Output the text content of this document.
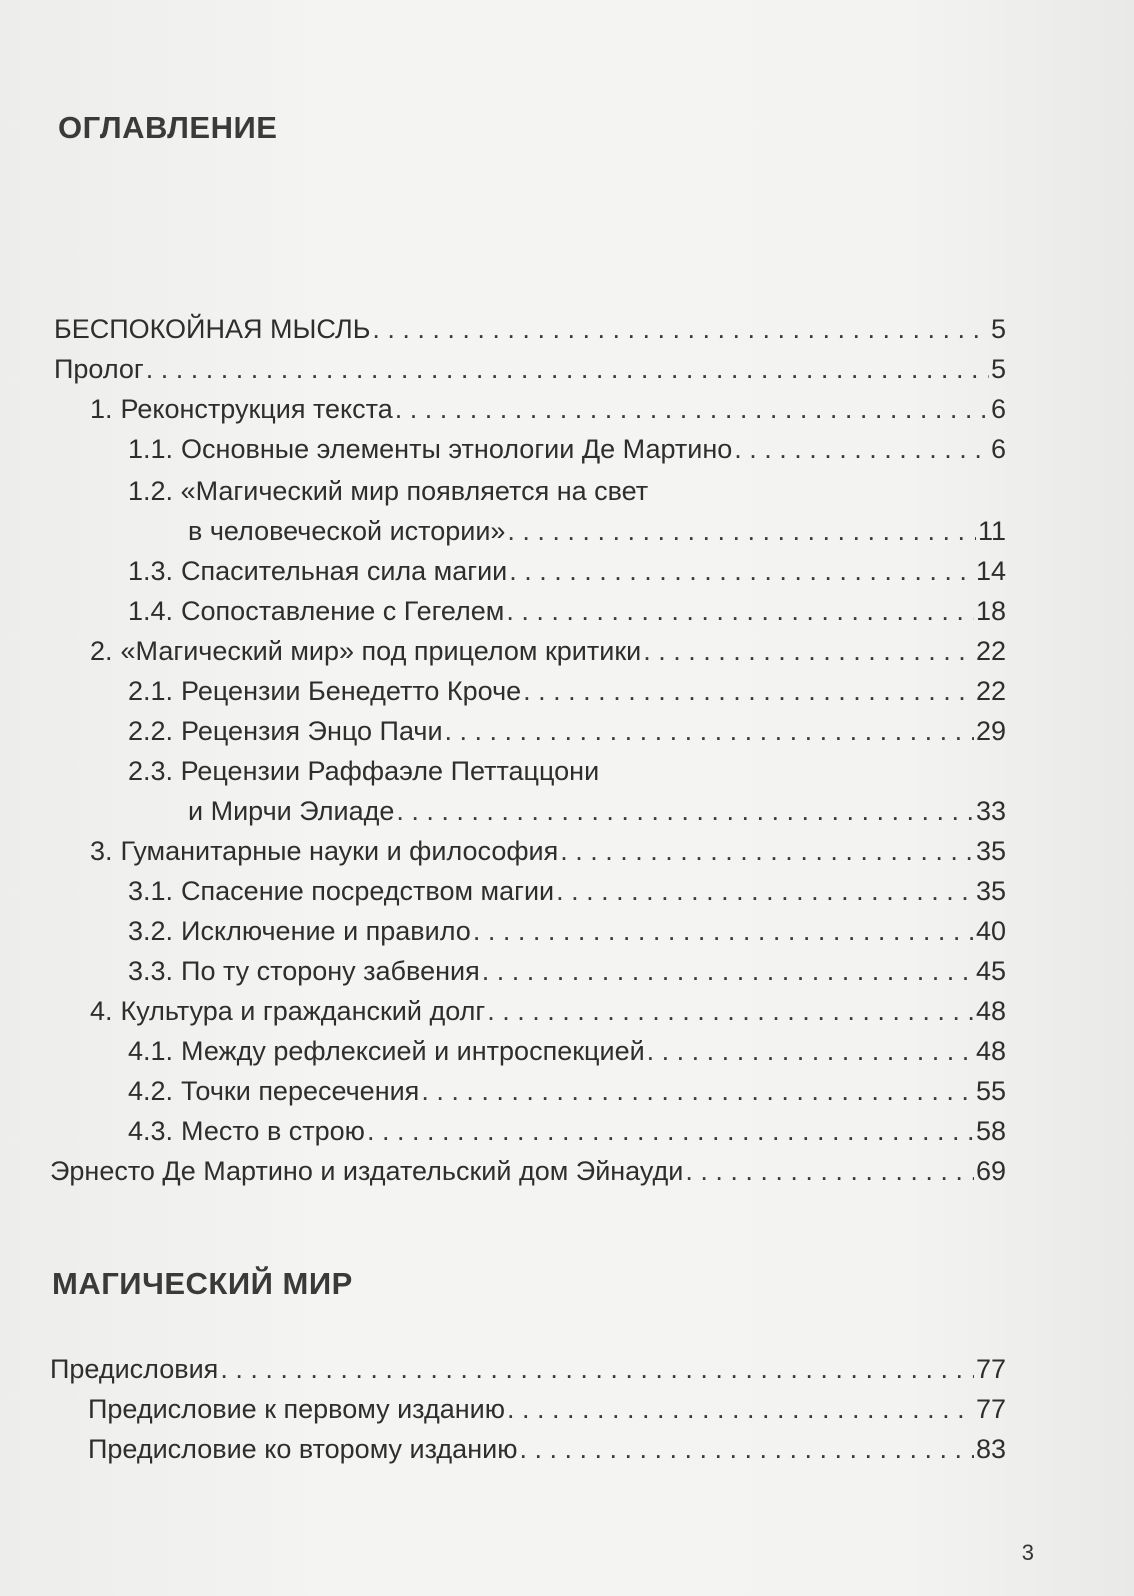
ОГЛАВЛЕНИЕ
БЕСПОКОЙНАЯ МЫСЛЬ . . .	5
Пролог . . .	5
1. Реконструкция текста . . .	6
1.1. Основные элементы этнологии Де Мартино . . .	6
1.2. «Магический мир появляется на свет
в человеческой истории» . . .	11
1.3. Спасительная сила магии . . .	14
1.4. Сопоставление с Гегелем . . .	18
2. «Магический мир» под прицелом критики . . .	22
2.1. Рецензии Бенедетто Кроче . . .	22
2.2. Рецензия Энцо Пачи . . .	29
2.3. Рецензии Раффаэле Петтаццони
и Мирчи Элиаде . . .	33
3. Гуманитарные науки и философия . . .	35
3.1. Спасение посредством магии . . .	35
3.2. Исключение и правило . . .	40
3.3. По ту сторону забвения . . .	45
4. Культура и гражданский долг . . .	48
4.1. Между рефлексией и интроспекцией . . .	48
4.2. Точки пересечения . . .	55
4.3. Место в строю . . .	58
Эрнесто Де Мартино и издательский дом Эйнауди . . .	69
МАГИЧЕСКИЙ МИР
Предисловия . . .	77
Предисловие к первому изданию . . .	77
Предисловие ко второму изданию . . .	83
3
